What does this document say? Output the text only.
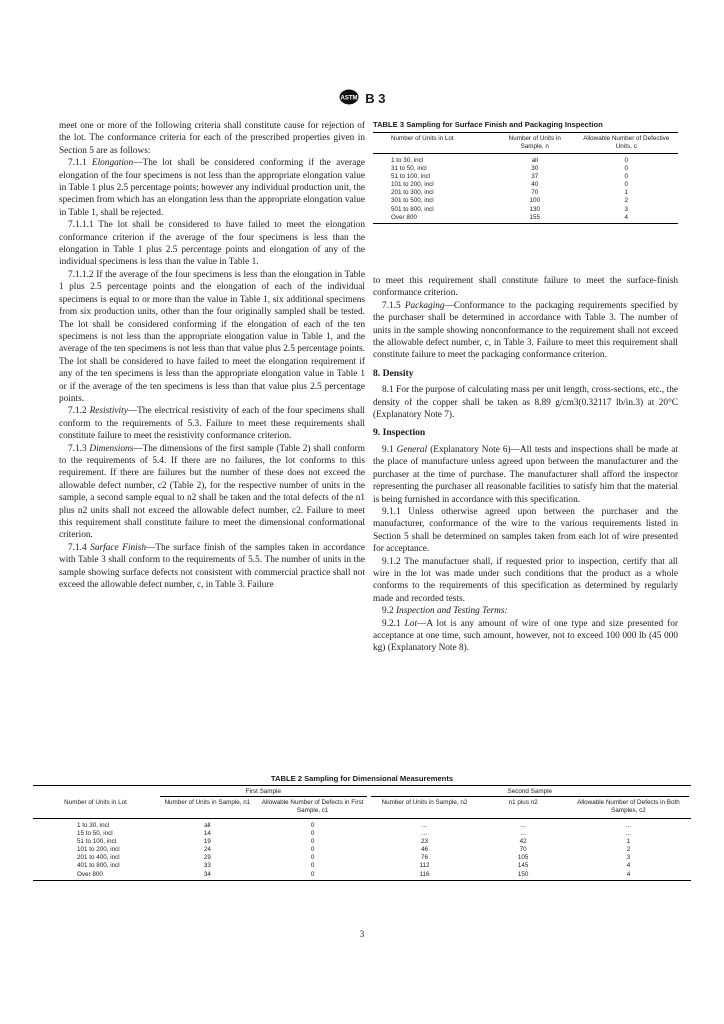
ASTM B 3

meet one or more of the following criteria shall constitute cause for rejection of the lot. The conformance criteria for each of the prescribed properties given in Section 5 are as follows:

7.1.1 Elongation—The lot shall be considered conforming if the average elongation of the four specimens is not less than the appropriate elongation value in Table 1 plus 2.5 percentage points; however any individual production unit, the specimen from which has an elongation less than the appropriate elongation value in Table 1, shall be rejected.

7.1.1.1 The lot shall be considered to have failed to meet the elongation conformance criterion if the average of the four specimens is less than the elongation in Table 1 plus 2.5 percentage points and elongation of any of the individual specimens is less than the value in Table 1.

7.1.1.2 If the average of the four specimens is less than the elongation in Table 1 plus 2.5 percentage points and the elongation of each of the individual specimens is equal to or more than the value in Table 1, six additional specimens from six production units, other than the four originally sampled shall be tested. The lot shall be considered conforming if the elongation of each of the ten specimens is not less than the appropriate elongation value in Table 1, and the average of the ten specimens is not less than that value plus 2.5 percentage points. The lot shall be considered to have failed to meet the elongation requirement if any of the ten specimens is less than the appropriate elongation value in Table 1 or if the average of the ten specimens is less than that value plus 2.5 percentage points.

7.1.2 Resistivity—The electrical resistivity of each of the four specimens shall conform to the requirements of 5.3. Failure to meet these requirements shall constitute failure to meet the resistivity conformance criterion.

7.1.3 Dimensions—The dimensions of the first sample (Table 2) shall conform to the requirements of 5.4. If there are no failures, the lot conforms to this requirement. If there are failures but the number of these does not exceed the allowable defect number, c2 (Table 2), for the respective number of units in the sample, a second sample equal to n2 shall be taken and the total defects of the n1 plus n2 units shall not exceed the allowable defect number, c2. Failure to meet this requirement shall constitute failure to meet the dimensional conformational criterion.

7.1.4 Surface Finish—The surface finish of the samples taken in accordance with Table 3 shall conform to the requirements of 5.5. The number of units in the sample showing surface defects not consistent with commercial practice shall not exceed the allowable defect number, c, in Table 3. Failure

TABLE 3 Sampling for Surface Finish and Packaging Inspection
Number of Units in Lot	Number of Units in Sample, n	Allowable Number of Defective Units, c
1 to 30, incl	all	0
31 to 50, incl	30	0
51 to 100, incl	37	0
101 to 200, incl	40	0
201 to 300, incl	70	1
301 to 500, incl	100	2
501 to 800, incl	130	3
Over 800	155	4

to meet this requirement shall constitute failure to meet the surface-finish conformance criterion.

7.1.5 Packaging—Conformance to the packaging requirements specified by the purchaser shall be determined in accordance with Table 3. The number of units in the sample showing nonconformance to the requirement shall not exceed the allowable defect number, c, in Table 3. Failure to meet this requirement shall constitute failure to meet the packaging conformance criterion.

8. Density

8.1 For the purpose of calculating mass per unit length, cross-sections, etc., the density of the copper shall be taken as 8.89 g/cm3(0.32117 lb/in.3) at 20°C (Explanatory Note 7).

9. Inspection

9.1 General (Explanatory Note 6)—All tests and inspections shall be made at the place of manufacture unless agreed upon between the manufacturer and the purchaser at the time of purchase. The manufacturer shall afford the inspector representing the purchaser all reasonable facilities to satisfy him that the material is being furnished in accordance with this specification.

9.1.1 Unless otherwise agreed upon between the purchaser and the manufacturer, conformance of the wire to the various requirements listed in Section 5 shall be determined on samples taken from each lot of wire presented for acceptance.

9.1.2 The manufactuer shall, if requested prior to inspection, certify that all wire in the lot was made under such conditions that the product as a whole conforms to the requirements of this specification as determined by regularly made and recorded tests.

9.2 Inspection and Testing Terms:

9.2.1 Lot—A lot is any amount of wire of one type and size presented for acceptance at one time, such amount, however, not to exceed 100 000 lb (45 000 kg) (Explanatory Note 8).

TABLE 2 Sampling for Dimensional Measurements

	First Sample		Second Sample		

Number of Units in Lot	Number of Units in Sample, n1	Allowable Number of Defects in First Sample, c1	Number of Units in Sample, n2	n1 plus n2	Allowable Number of Defects in Both Samples, c2
1 to 30, incl	all	0	...	...	...
15 to 50, incl	14	0	...	...	...
51 to 100, incl	19	0	23	42	1
101 to 200, incl	24	0	46	70	2
201 to 400, incl	29	0	76	105	3
401 to 800, incl	33	0	112	145	4
Over 800	34	0	116	150	4
3
